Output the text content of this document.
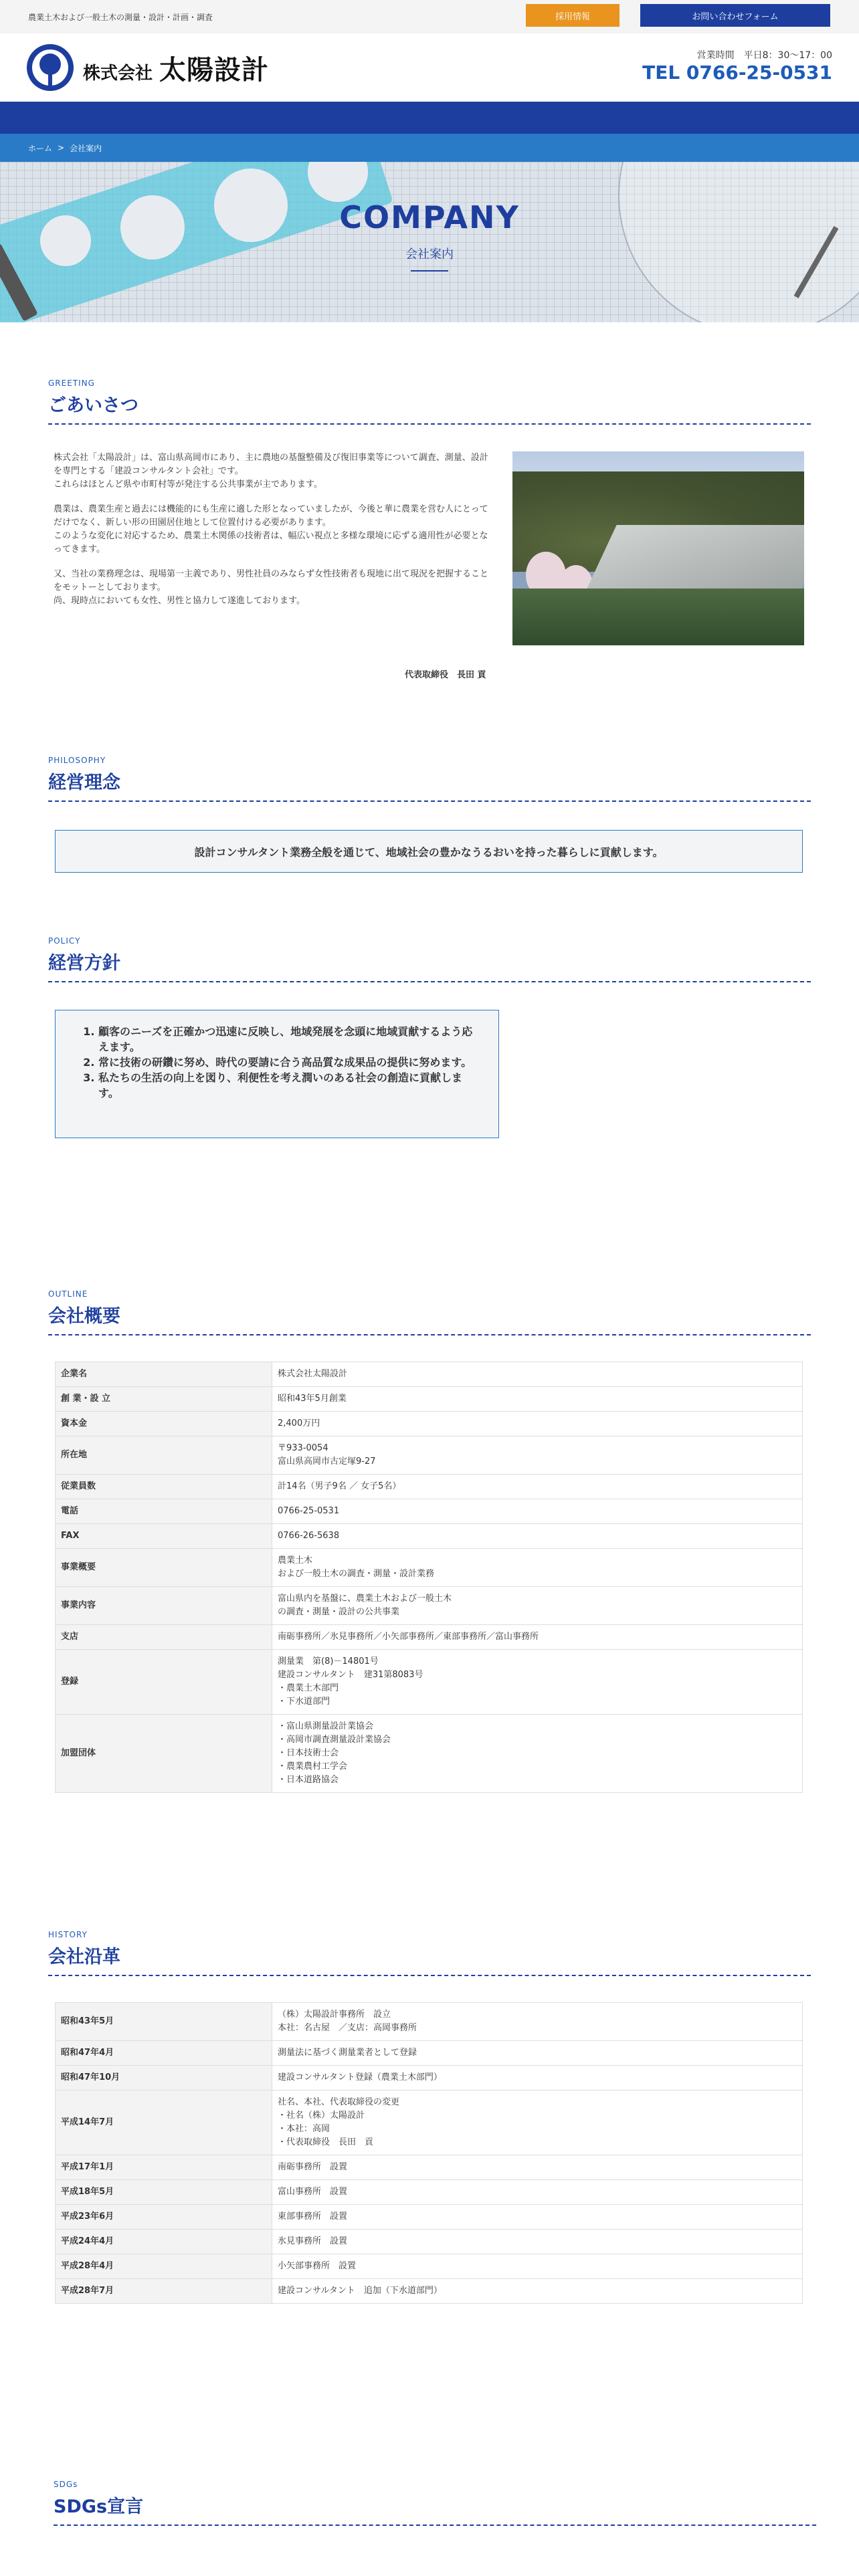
農業土木および一般土木の測量・設計・計画・調査	採用情報	お問い合わせフォーム
株式会社 太陽設計	営業時間　平日8：30〜17：00
TEL 0766-25-0531
ホーム > 会社案内
COMPANY
会社案内
GREETING
ごあいさつ

株式会社「太陽設計」は、富山県高岡市にあり、主に農地の基盤整備及び復旧事業等について調査、測量、設計を専門とする「建設コンサルタント会社」です。
これらはほとんど県や市町村等が発注する公共事業が主であります。

農業は、農業生産と過去には機能的にも生産に適した形となっていましたが、今後と華に農業を営む人にとってだけでなく、新しい形の田園居住地として位置付ける必要があります。
このような変化に対応するため、農業土木関係の技術者は、幅広い視点と多様な環境に応ずる適用性が必要となってきます。

又、当社の業務理念は、現場第一主義であり、男性社員のみならず女性技術者も現地に出て現況を把握することをモットーとしております。
尚、現時点においても女性、男性と協力して遂進しております。

代表取締役　長田 貢
PHILOSOPHY
経営理念
設計コンサルタント業務全般を通じて、地域社会の豊かなうるおいを持った暮らしに貢献します。
POLICY
経営方針
1. 顧客のニーズを正確かつ迅速に反映し、地域発展を念頭に地域貢献するよう応えます。
2. 常に技術の研鑽に努め、時代の要請に合う高品質な成果品の提供に努めます。
3. 私たちの生活の向上を図り、利便性を考え潤いのある社会の創造に貢献します。
OUTLINE
会社概要
企業名	株式会社太陽設計

創 業・設 立	昭和43年5月創業

資本金	2,400万円

所在地	〒933-0054
富山県高岡市古定塚9-27

従業員数	計14名（男子9名 ／ 女子5名）

電話	0766-25-0531

FAX	0766-26-5638

事業概要	農業土木
および一般土木の調査・測量・設計業務

事業内容	富山県内を基盤に、農業土木および一般土木
の調査・測量・設計の公共事業

支店	南砺事務所／氷見事務所／小矢部事務所／東部事務所／富山事務所

登録	測量業　第(8)－14801号
建設コンサルタント　建31第8083号
・農業土木部門
・下水道部門

加盟団体	・富山県測量設計業協会
・高岡市調査測量設計業協会
・日本技術士会
・農業農村工学会
・日本道路協会
HISTORY
会社沿革
昭和43年5月	（株）太陽設計事務所　設立
本社：名古屋　／支店：高岡事務所

昭和47年4月	測量法に基づく測量業者として登録

昭和47年10月	建設コンサルタント登録（農業土木部門）

平成14年7月	社名、本社、代表取締役の変更
・社名（株）太陽設計
・本社：高岡
・代表取締役　長田　貢

平成17年1月	南砺事務所　設置

平成18年5月	富山事務所　設置

平成23年6月	東部事務所　設置

平成24年4月	氷見事務所　設置

平成28年4月	小矢部事務所　設置

平成28年7月	建設コンサルタント　追加（下水道部門）
SDGs
SDGs宣言
